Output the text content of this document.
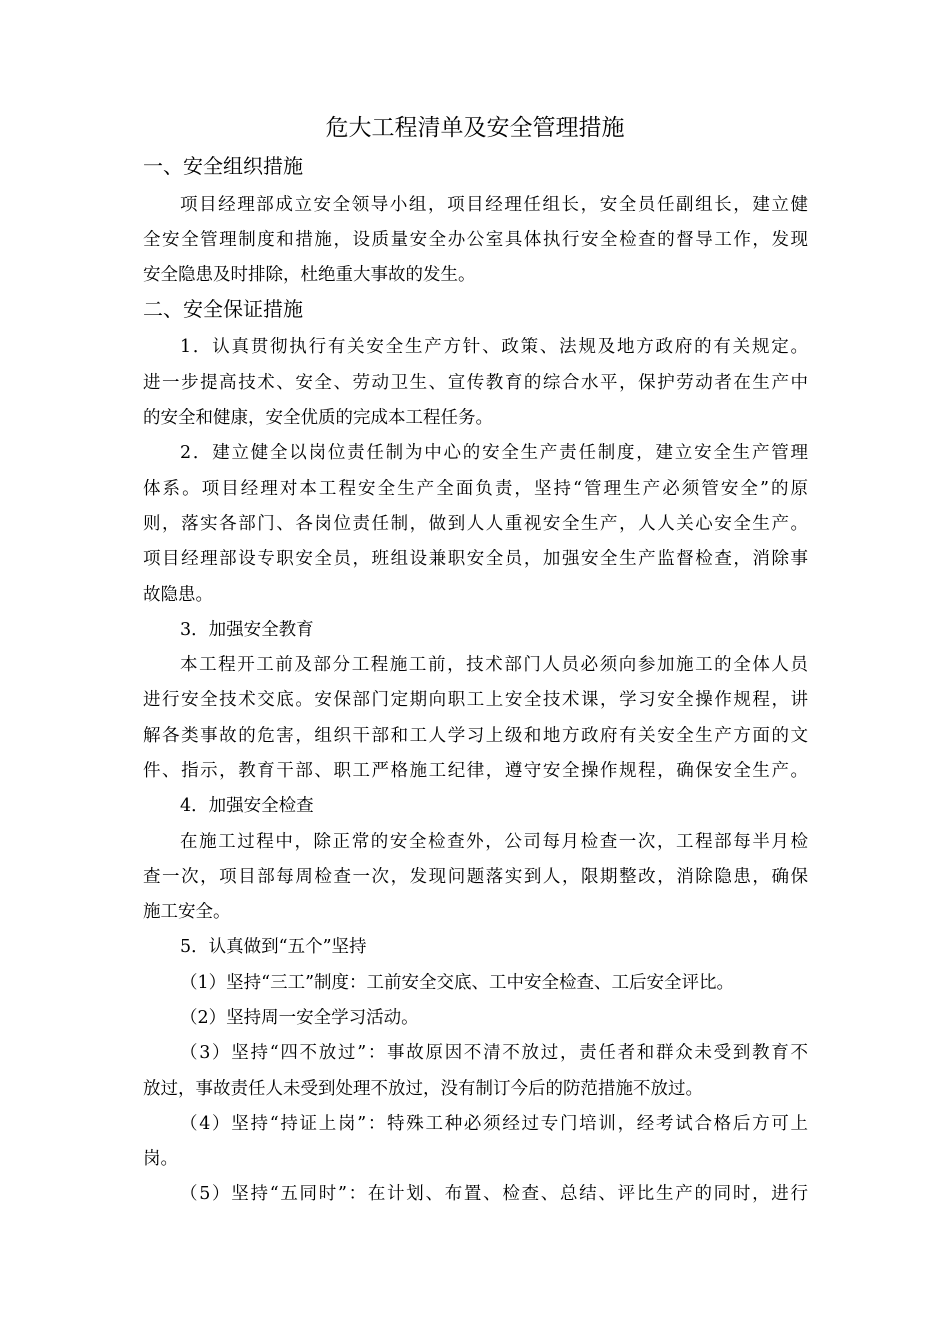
危大工程清单及安全管理措施
一、安全组织措施
项目经理部成立安全领导小组，项目经理任组长，安全员任副组长，建立健
全安全管理制度和措施，设质量安全办公室具体执行安全检查的督导工作，发现
安全隐患及时排除，杜绝重大事故的发生。
二、安全保证措施
1．认真贯彻执行有关安全生产方针、政策、法规及地方政府的有关规定。
进一步提高技术、安全、劳动卫生、宣传教育的综合水平，保护劳动者在生产中
的安全和健康，安全优质的完成本工程任务。
2．建立健全以岗位责任制为中心的安全生产责任制度，建立安全生产管理
体系。项目经理对本工程安全生产全面负责，坚持“管理生产必须管安全”的原
则，落实各部门、各岗位责任制，做到人人重视安全生产，人人关心安全生产。
项目经理部设专职安全员，班组设兼职安全员，加强安全生产监督检查，消除事
故隐患。
3．加强安全教育
本工程开工前及部分工程施工前，技术部门人员必须向参加施工的全体人员
进行安全技术交底。安保部门定期向职工上安全技术课，学习安全操作规程，讲
解各类事故的危害，组织干部和工人学习上级和地方政府有关安全生产方面的文
件、指示，教育干部、职工严格施工纪律，遵守安全操作规程，确保安全生产。
4．加强安全检查
在施工过程中，除正常的安全检查外，公司每月检查一次，工程部每半月检
查一次，项目部每周检查一次，发现问题落实到人，限期整改，消除隐患，确保
施工安全。
5．认真做到“五个”坚持
（1）坚持“三工”制度：工前安全交底、工中安全检查、工后安全评比。
（2）坚持周一安全学习活动。
（3）坚持“四不放过”：事故原因不清不放过，责任者和群众未受到教育不
放过，事故责任人未受到处理不放过，没有制订今后的防范措施不放过。
（4）坚持“持证上岗”：特殊工种必须经过专门培训，经考试合格后方可上
岗。
（5）坚持“五同时”：在计划、布置、检查、总结、评比生产的同时，进行
